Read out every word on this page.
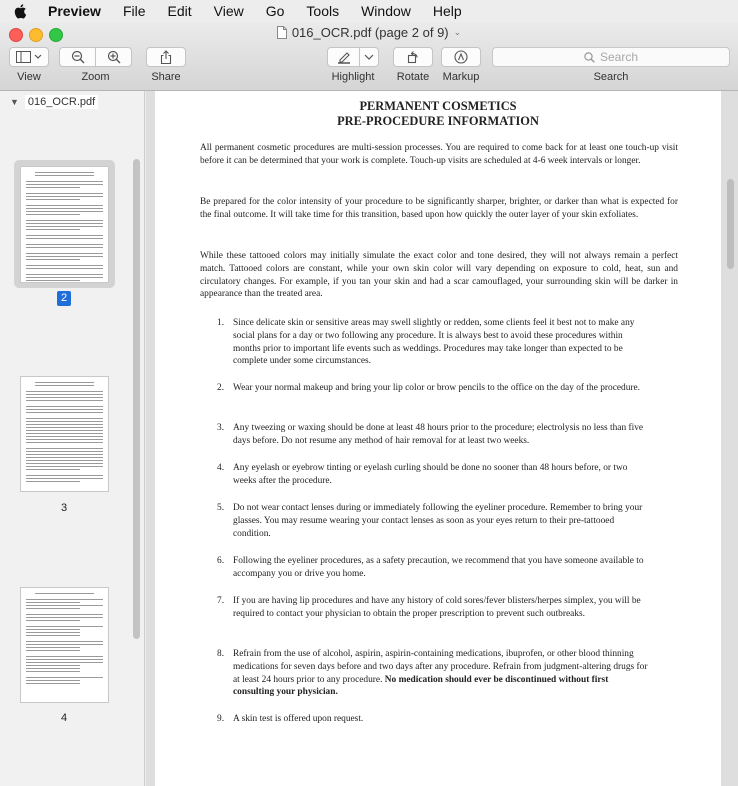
Preview File Edit View Go Tools Window Help
016_OCR.pdf (page 2 of 9) ⌄
View	Zoom	Share	Highlight	Rotate	Markup
Search
Search
▼ 016_OCR.pdf
2
3
4
PERMANENT COSMETICS
PRE-PROCEDURE INFORMATION

All permanent cosmetic procedures are multi-session processes. You are required to come back for at least one touch-up visit before it can be determined that your work is complete. Touch-up visits are scheduled at 4-6 week intervals or longer.

Be prepared for the color intensity of your procedure to be significantly sharper, brighter, or darker than what is expected for the final outcome. It will take time for this transition, based upon how quickly the outer layer of your skin exfoliates.

While these tattooed colors may initially simulate the exact color and tone desired, they will not always remain a perfect match. Tattooed colors are constant, while your own skin color will vary depending on exposure to cold, heat, sun and circulatory changes. For example, if you tan your skin and had a scar camouflaged, your surrounding skin will be darker in appearance than the treated area.

1. Since delicate skin or sensitive areas may swell slightly or redden, some clients feel it best not to make any social plans for a day or two following any procedure. It is always best to avoid these procedures within months prior to important life events such as weddings. Procedures may take longer than expected to be complete under some circumstances.
2. Wear your normal makeup and bring your lip color or brow pencils to the office on the day of the procedure.
3. Any tweezing or waxing should be done at least 48 hours prior to the procedure; electrolysis no less than five days before. Do not resume any method of hair removal for at least two weeks.
4. Any eyelash or eyebrow tinting or eyelash curling should be done no sooner than 48 hours before, or two weeks after the procedure.
5. Do not wear contact lenses during or immediately following the eyeliner procedure. Remember to bring your glasses. You may resume wearing your contact lenses as soon as your eyes return to their pre-tattooed condition.
6. Following the eyeliner procedures, as a safety precaution, we recommend that you have someone available to accompany you or drive you home.
7. If you are having lip procedures and have any history of cold sores/fever blisters/herpes simplex, you will be required to contact your physician to obtain the proper prescription to prevent such outbreaks.
8. Refrain from the use of alcohol, aspirin, aspirin-containing medications, ibuprofen, or other blood thinning medications for seven days before and two days after any procedure. Refrain from judgment-altering drugs for at least 24 hours prior to any procedure. No medication should ever be discontinued without first consulting your physician.
9. A skin test is offered upon request.
